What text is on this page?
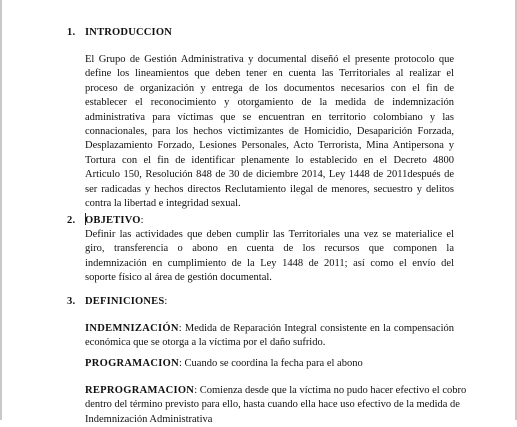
1. INTRODUCCION
El Grupo de Gestión Administrativa y documental diseñó el presente protocolo que
define los lineamientos que deben tener en cuenta las Territoriales al realizar el
proceso de organización y entrega de los documentos necesarios con el fin de
establecer el reconocimiento y otorgamiento de la medida de indemnización
administrativa para víctimas que se encuentran en territorio colombiano y las
connacionales, para los hechos victimizantes de Homicidio, Desaparición Forzada,
Desplazamiento Forzado, Lesiones Personales, Acto Terrorista, Mina Antipersona y
Tortura con el fin de identificar plenamente lo establecido en el Decreto 4800
Articulo 150, Resolución 848 de 30 de diciembre 2014, Ley 1448 de 2011después de
ser radicadas y hechos directos Reclutamiento ilegal de menores, secuestro y delitos
contra la libertad e integridad sexual.
2. OBJETIVO:
Definir las actividades que deben cumplir las Territoriales una vez se materialice el
giro, transferencia o abono en cuenta de los recursos que componen la
indemnización en cumplimiento de la Ley 1448 de 2011; así como el envío del
soporte físico al área de gestión documental.
3. DEFINICIONES:
INDEMNIZACIÓN: Medida de Reparación Integral consistente en la compensación
económica que se otorga a la víctima por el daño sufrido.
PROGRAMACION: Cuando se coordina la fecha para el abono
REPROGRAMACION: Comienza desde que la víctima no pudo hacer efectivo el cobro
dentro del término previsto para ello, hasta cuando ella hace uso efectivo de la medida de
Indemnización Administrativa
